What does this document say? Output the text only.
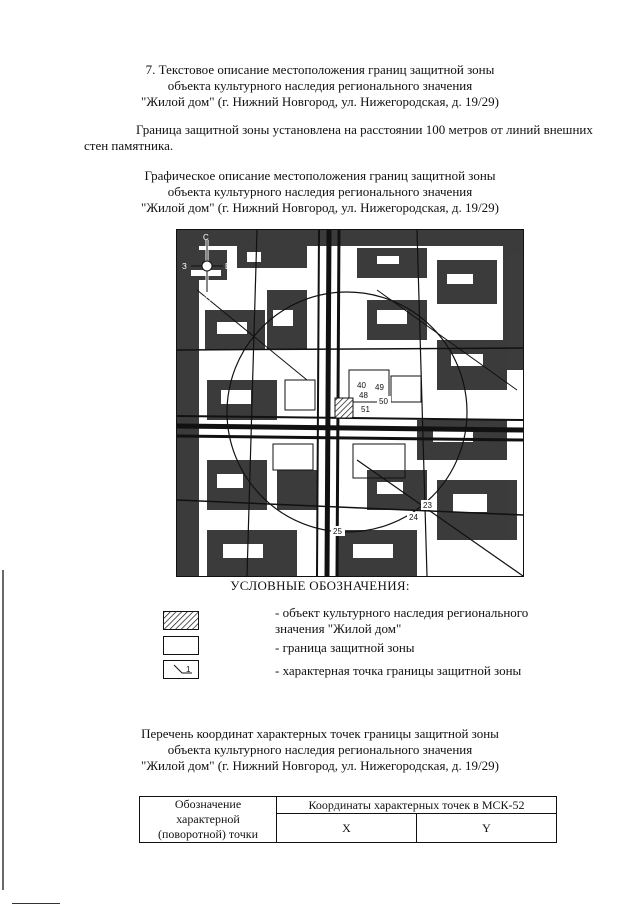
7. Текстовое описание местоположения границ защитной зоны
объекта культурного наследия регионального значения
"Жилой дом" (г. Нижний Новгород, ул. Нижегородская, д. 19/29)
Граница защитной зоны установлена на расстоянии 100 метров от линий внешних
стен памятника.
Графическое описание местоположения границ защитной зоны
объекта культурного наследия регионального значения
"Жилой дом" (г. Нижний Новгород, ул. Нижегородская, д. 19/29)
С
Ю
З	В
40
48
49
50
51
23
24
25
УСЛОВНЫЕ ОБОЗНАЧЕНИЯ:
- объект культурного наследия регионального
значения "Жилой дом"
- граница защитной зоны
1	- характерная точка границы защитной зоны
Перечень координат характерных точек границы защитной зоны
объекта культурного наследия регионального значения
"Жилой дом" (г. Нижний Новгород, ул. Нижегородская, д. 19/29)
Обозначение
характерной
(поворотной) точки	Координаты характерных точек в МСК-52	
	X	Y
